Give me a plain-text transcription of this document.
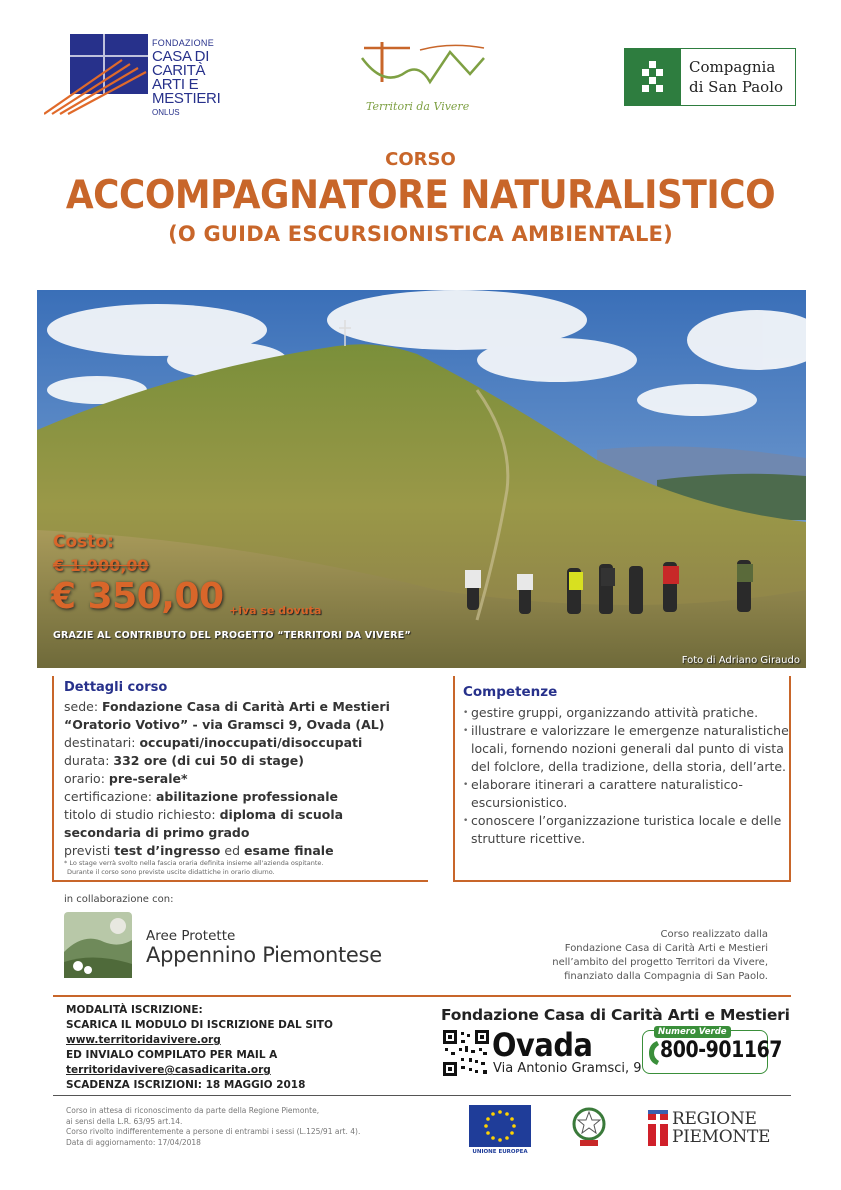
FONDAZIONE
CASA DI
CARITÀ
ARTI E
MESTIERI
ONLUS	Territori da Vivere
Compagnia
di San Paolo
CORSO
ACCOMPAGNATORE NATURALISTICO
(O GUIDA ESCURSIONISTICA AMBIENTALE)
Costo:
€ 1.900,00
€ 350,00 +iva se dovuta
GRAZIE AL CONTRIBUTO DEL PROGETTO “TERRITORI DA VIVERE”
Foto di Adriano Giraudo
Dettagli corso
sede: Fondazione Casa di Carità Arti e Mestieri
“Oratorio Votivo” - via Gramsci 9, Ovada (AL)
destinatari: occupati/inoccupati/disoccupati
durata: 332 ore (di cui 50 di stage)
orario: pre-serale*
certificazione: abilitazione professionale
titolo di studio richiesto: diploma di scuola secondaria di primo grado
previsti test d’ingresso ed esame finale
* Lo stage verrà svolto nella fascia oraria definita insieme all'azienda ospitante.
Durante il corso sono previste uscite didattiche in orario diurno.
Competenze
• gestire gruppi, organizzando attività pratiche.
• illustrare e valorizzare le emergenze naturalistiche locali, fornendo nozioni generali dal punto di vista del folclore, della tradizione, della storia, dell’arte.
• elaborare itinerari a carattere naturalistico-escursionistico.
• conoscere l’organizzazione turistica locale e delle strutture ricettive.
in collaborazione con:
Aree Protette
Appennino Piemontese
Corso realizzato dalla
Fondazione Casa di Carità Arti e Mestieri
nell’ambito del progetto Territori da Vivere,
finanziato dalla Compagnia di San Paolo.
MODALITÀ ISCRIZIONE:
SCARICA IL MODULO DI ISCRIZIONE DAL SITO
www.territoridavivere.org
ED INVIALO COMPILATO PER MAIL A
territoridavivere@casadicarita.org
SCADENZA ISCRIZIONI: 18 MAGGIO 2018
Fondazione Casa di Carità Arti e Mestieri
Ovada
Via Antonio Gramsci, 9
Numero Verde
800-901167
Corso in attesa di riconoscimento da parte della Regione Piemonte,
ai sensi della L.R. 63/95 art.14.
Corso rivolto indifferentemente a persone di entrambi i sessi (L.125/91 art. 4).
Data di aggiornamento: 17/04/2018
UNIONE EUROPEA
REGIONE
PIEMONTE
